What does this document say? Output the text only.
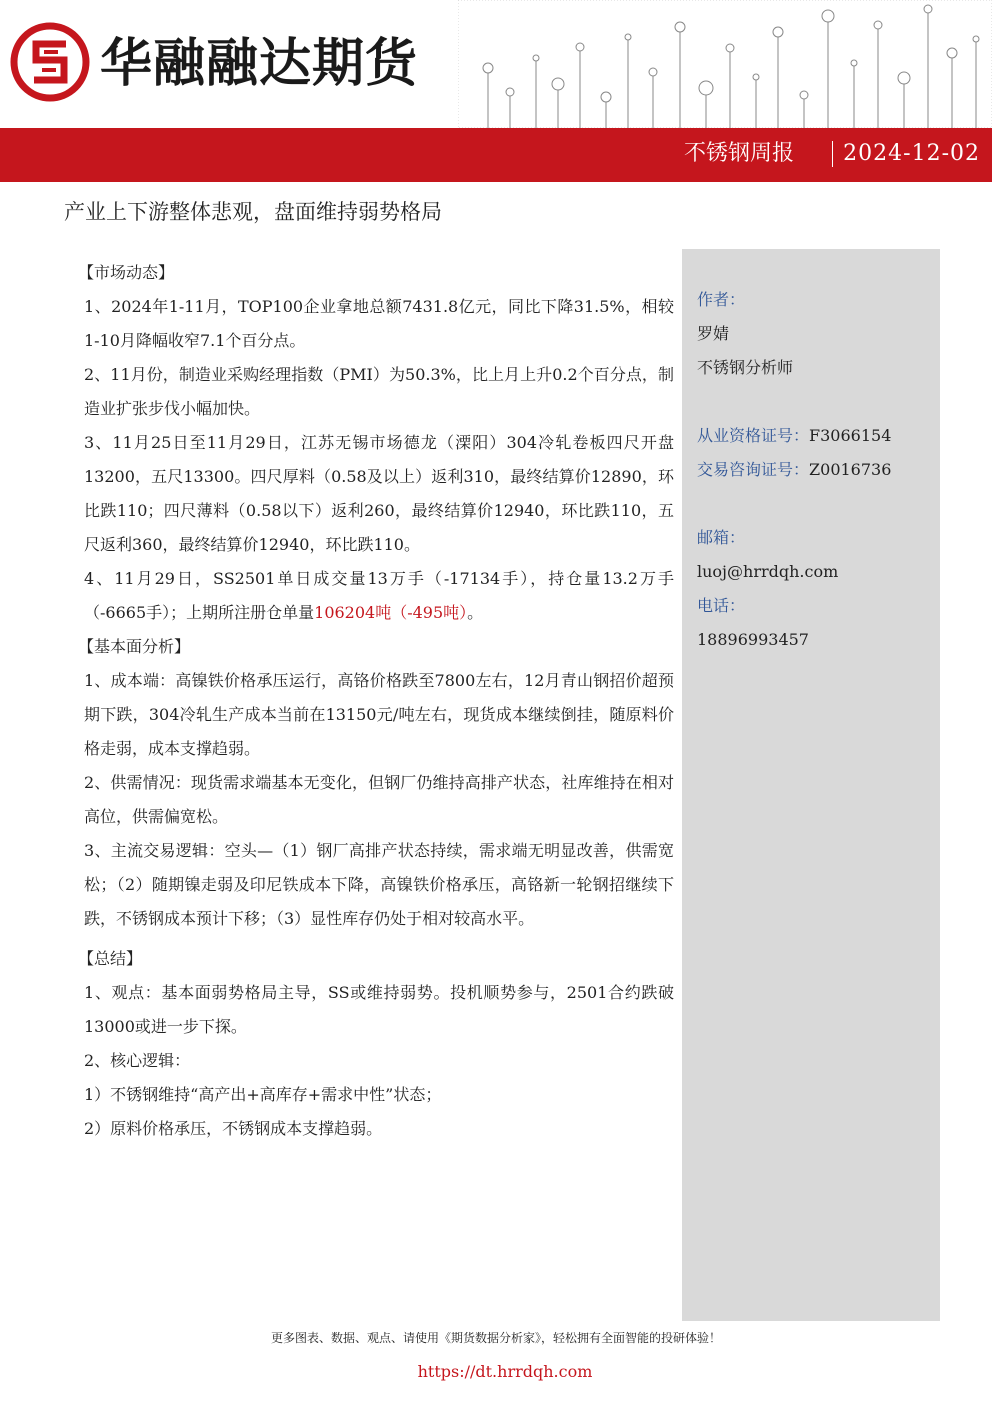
华融融达期货
不锈钢周报 2024-12-02
产业上下游整体悲观，盘面维持弱势格局
【市场动态】

1、2024年1-11月，TOP100企业拿地总额7431.8亿元，同比下降31.5%，相较1-10月降幅收窄7.1个百分点。

2、11月份，制造业采购经理指数（PMI）为50.3%，比上月上升0.2个百分点，制造业扩张步伐小幅加快。

3、11月25日至11月29日，江苏无锡市场德龙（溧阳）304冷轧卷板四尺开盘13200，五尺13300。四尺厚料（0.58及以上）返利310，最终结算价12890，环比跌110；四尺薄料（0.58以下）返利260，最终结算价12940，环比跌110，五尺返利360，最终结算价12940，环比跌110。

4、11月29日，SS2501单日成交量13万手（-17134手），持仓量13.2万手（-6665手）；上期所注册仓单量106204吨（-495吨）。

【基本面分析】

1、成本端：高镍铁价格承压运行，高铬价格跌至7800左右，12月青山钢招价超预期下跌，304冷轧生产成本当前在13150元/吨左右，现货成本继续倒挂，随原料价格走弱，成本支撑趋弱。

2、供需情况：现货需求端基本无变化，但钢厂仍维持高排产状态，社库维持在相对高位，供需偏宽松。

3、主流交易逻辑：空头—（1）钢厂高排产状态持续，需求端无明显改善，供需宽松；（2）随期镍走弱及印尼铁成本下降，高镍铁价格承压，高铬新一轮钢招继续下跌，不锈钢成本预计下移；（3）显性库存仍处于相对较高水平。

【总结】

1、观点：基本面弱势格局主导，SS或维持弱势。投机顺势参与，2501合约跌破13000或进一步下探。

2、核心逻辑：

1）不锈钢维持“高产出+高库存+需求中性”状态；

2）原料价格承压，不锈钢成本支撑趋弱。

作者：
罗婧
不锈钢分析师
从业资格证号：F3066154
交易咨询证号：Z0016736
邮箱：
luoj@hrrdqh.com
电话：
18896993457
更多图表、数据、观点、请使用《期货数据分析家》，轻松拥有全面智能的投研体验！
https://dt.hrrdqh.com
